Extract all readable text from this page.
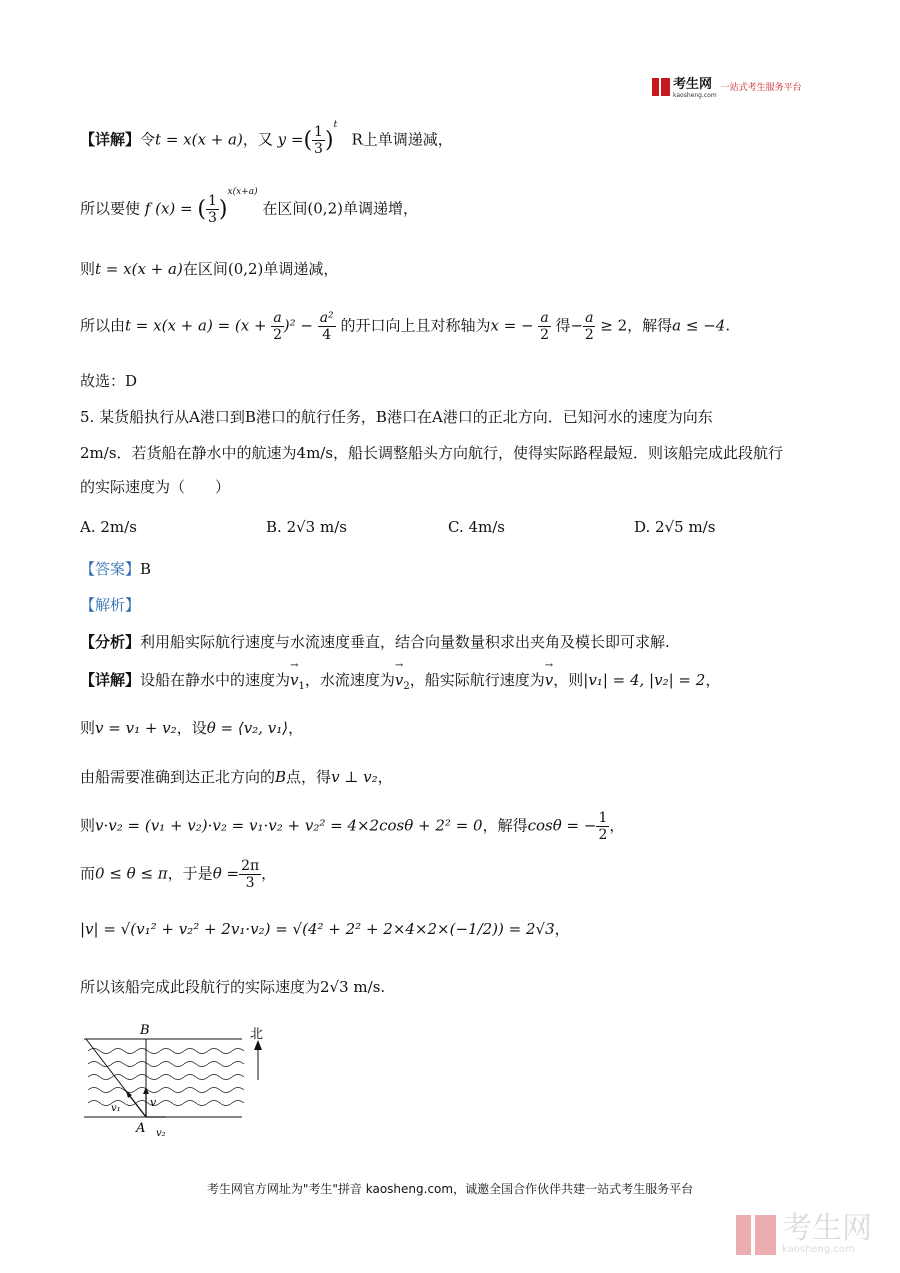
考生网
kaosheng.com
一站式考生服务平台
【详解】令t = x(x + a)，又 y =( $\frac{1}{3} )^t$   R上单调递减，
所以要使 f (x) = ( $\frac{1}{3} )^{x(x+a)}$ 在区间(0,2)单调递增，
则t = x(x + a)在区间(0,2)单调递减，
所以由$t = x(x + a) = (x + \frac{a}{2} )^2 - \frac{\text{a²}}{4}$ 的开口向上且对称轴为x = − $\frac{a}{2}$ 得− $\frac{a}{2} \ge 2$，解得a ≤ −4.
故选：D
5. 某货船执行从A港口到B港口的航行任务，B港口在A港口的正北方向．已知河水的速度为向东
2m/s．若货船在静水中的航速为4m/s，船长调整船头方向航行，使得实际路程最短．则该船完成此段航行
的实际速度为（　　）
A. 2m/s	B. 2√3 m/s	C. 4m/s	D. 2√5 m/s
【答案】B
【解析】
【分析】利用船实际航行速度与水流速度垂直，结合向量数量积求出夹角及模长即可求解.
【详解】设船在静水中的速度为→ $v_1$，水流速度为→ $v_2$，船实际航行速度为→ v，则|v₁| = 4, |v₂| = 2，
则v = v₁ + v₂，设θ = ⟨v₂, v₁⟩，
由船需要准确到达正北方向的B点，得v ⊥ v₂，
则v·v₂ = (v₁ + v₂)·v₂ = v₁·v₂ + v₂² = 4×2cosθ + 2² = 0，解得cosθ = − $\frac{1}{2}$ ，
而0 ≤ θ ≤ π，于是$\theta = \frac{2\pi}{3}$ ，
|v| = √(v₁² + v₂² + 2v₁·v₂) = √(4² + 2² + 2×4×2×(−1/2)) = 2√3，
所以该船完成此段航行的实际速度为2√3 m/s.
B
A
北
v₁	v
v₂
考生网官方网址为"考生"拼音 kaosheng.com，诚邀全国合作伙伴共建一站式考生服务平台
考生网
kaosheng.com
